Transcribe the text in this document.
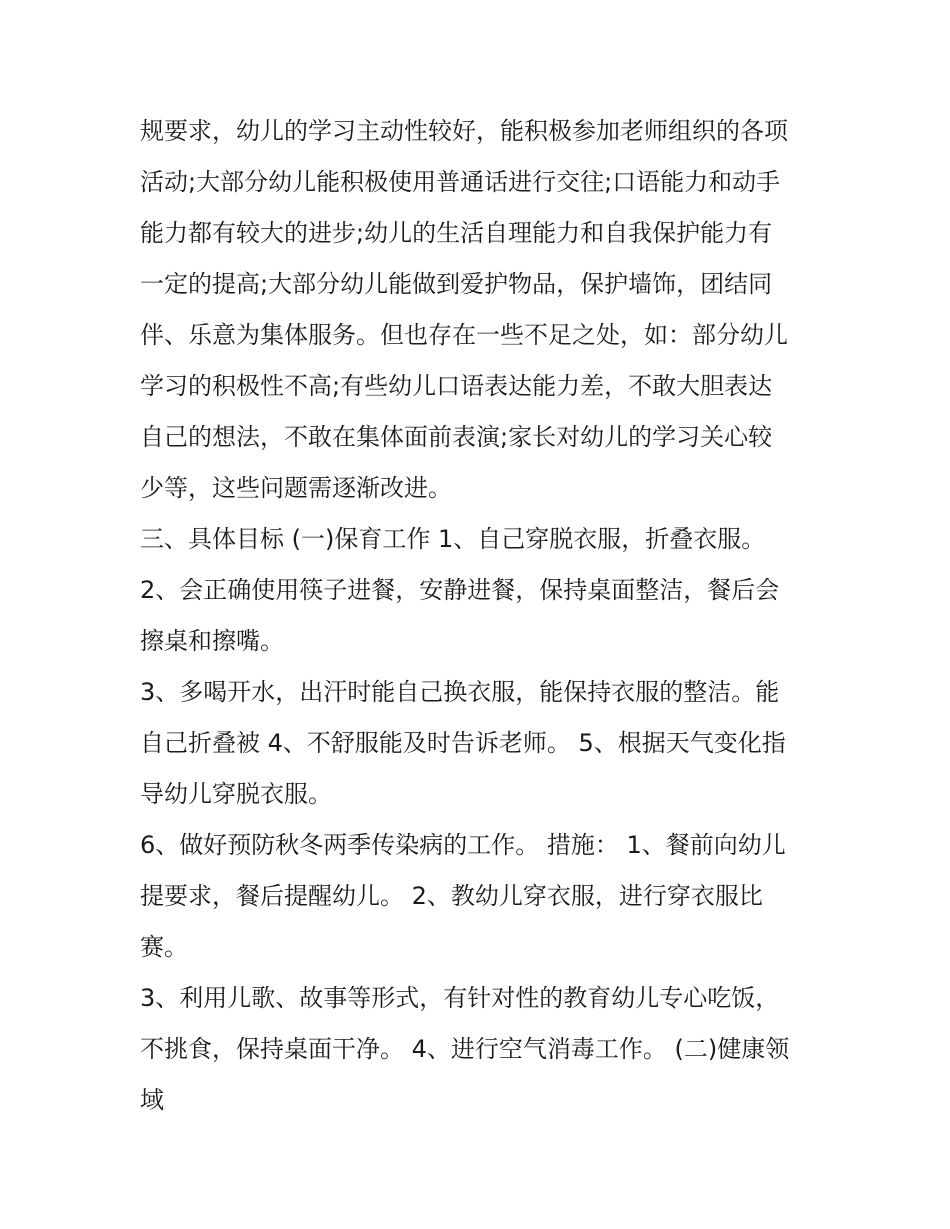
规要求，幼儿的学习主动性较好，能积极参加老师组织的各项
活动;大部分幼儿能积极使用普通话进行交往;口语能力和动手
能力都有较大的进步;幼儿的生活自理能力和自我保护能力有
一定的提高;大部分幼儿能做到爱护物品，保护墙饰，团结同
伴、乐意为集体服务。但也存在一些不足之处，如：部分幼儿
学习的积极性不高;有些幼儿口语表达能力差，不敢大胆表达
自己的想法，不敢在集体面前表演;家长对幼儿的学习关心较
少等，这些问题需逐渐改进。

三、具体目标 (一)保育工作 1、自己穿脱衣服，折叠衣服。

2、会正确使用筷子进餐，安静进餐，保持桌面整洁，餐后会
擦桌和擦嘴。

3、多喝开水，出汗时能自己换衣服，能保持衣服的整洁。能
自己折叠被 4、不舒服能及时告诉老师。 5、根据天气变化指
导幼儿穿脱衣服。

6、做好预防秋冬两季传染病的工作。 措施： 1、餐前向幼儿
提要求，餐后提醒幼儿。 2、教幼儿穿衣服，进行穿衣服比
赛。

3、利用儿歌、故事等形式，有针对性的教育幼儿专心吃饭，
不挑食，保持桌面干净。 4、进行空气消毒工作。 (二)健康领
域
